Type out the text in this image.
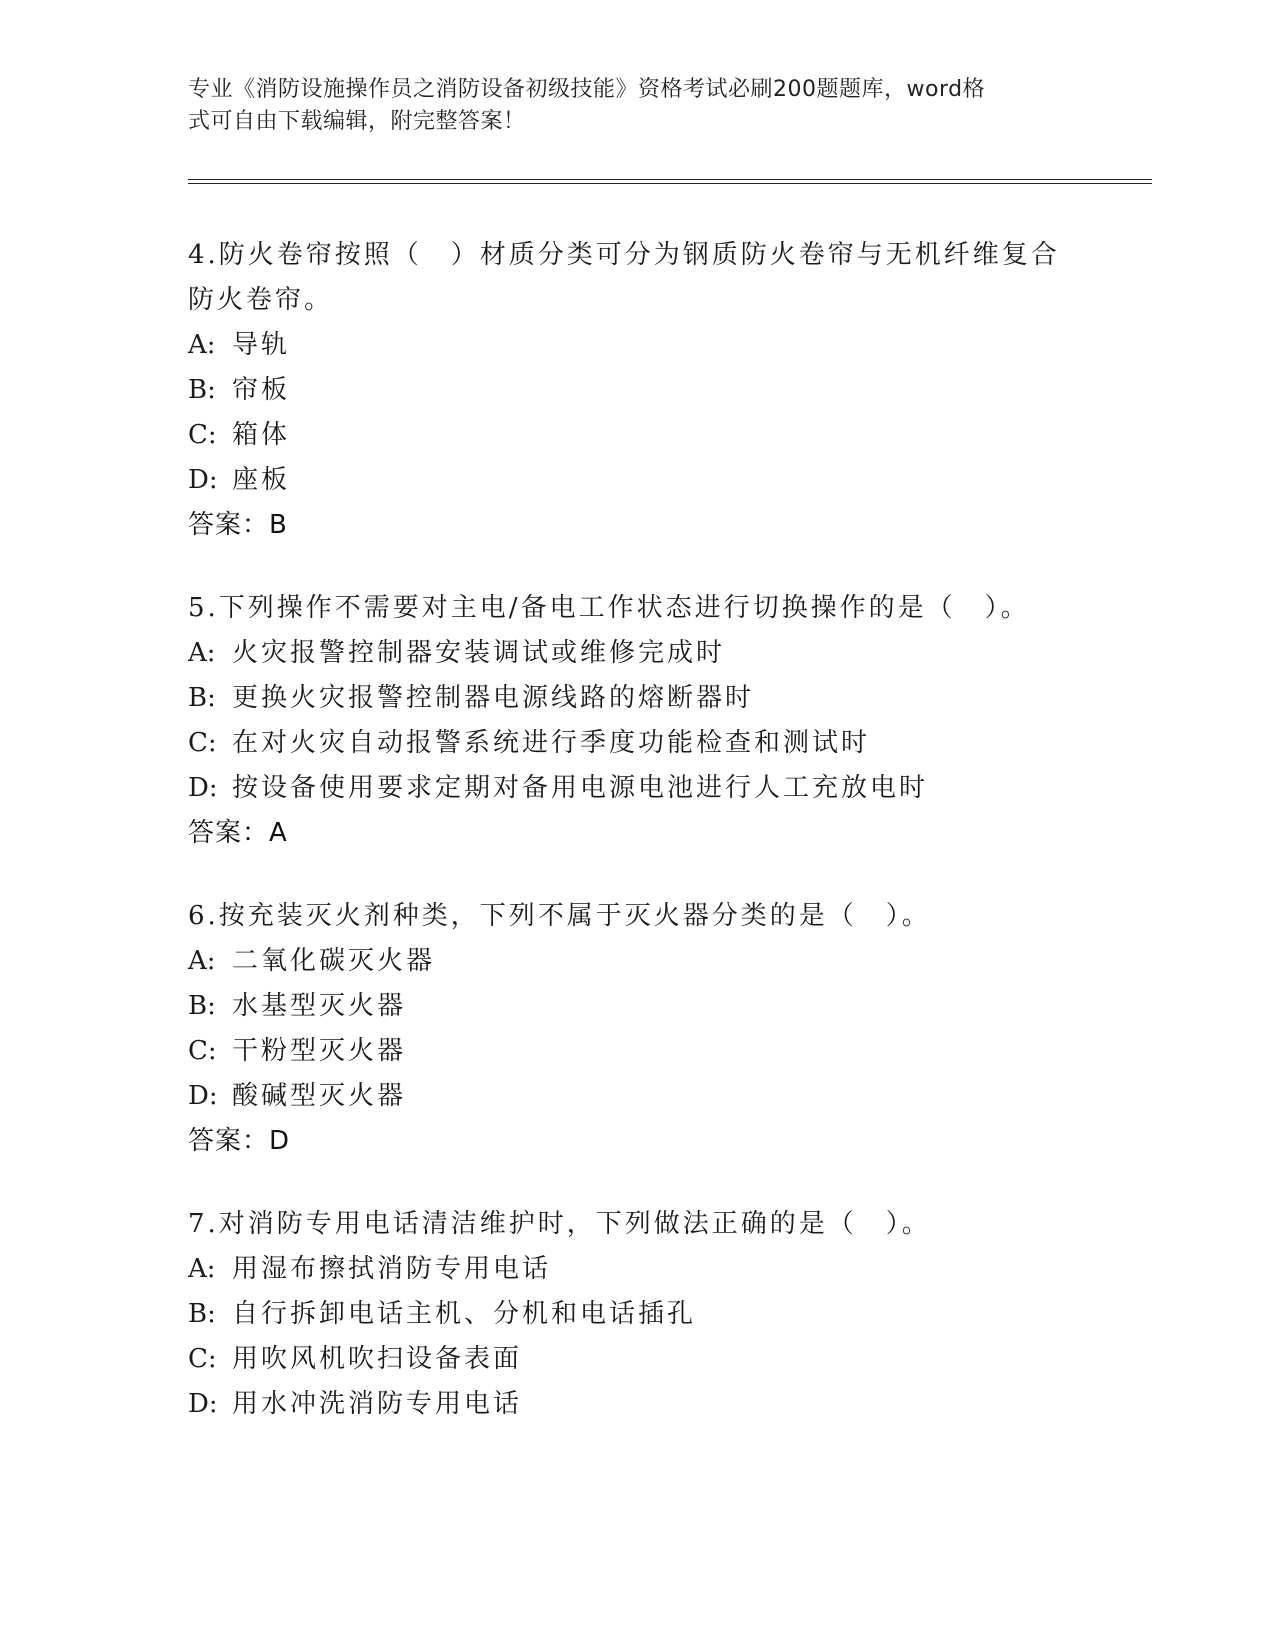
专业《消防设施操作员之消防设备初级技能》资格考试必刷200题题库，word格
式可自由下载编辑，附完整答案！
4.防火卷帘按照（　）材质分类可分为钢质防火卷帘与无机纤维复合防火卷帘。
A: 导轨
B: 帘板
C: 箱体
D: 座板
答案：B
5.下列操作不需要对主电/备电工作状态进行切换操作的是（　）。
A: 火灾报警控制器安装调试或维修完成时
B: 更换火灾报警控制器电源线路的熔断器时
C: 在对火灾自动报警系统进行季度功能检查和测试时
D: 按设备使用要求定期对备用电源电池进行人工充放电时
答案：A
6.按充装灭火剂种类，下列不属于灭火器分类的是（　）。
A: 二氧化碳灭火器
B: 水基型灭火器
C: 干粉型灭火器
D: 酸碱型灭火器
答案：D
7.对消防专用电话清洁维护时，下列做法正确的是（　）。
A: 用湿布擦拭消防专用电话
B: 自行拆卸电话主机、分机和电话插孔
C: 用吹风机吹扫设备表面
D: 用水冲洗消防专用电话
